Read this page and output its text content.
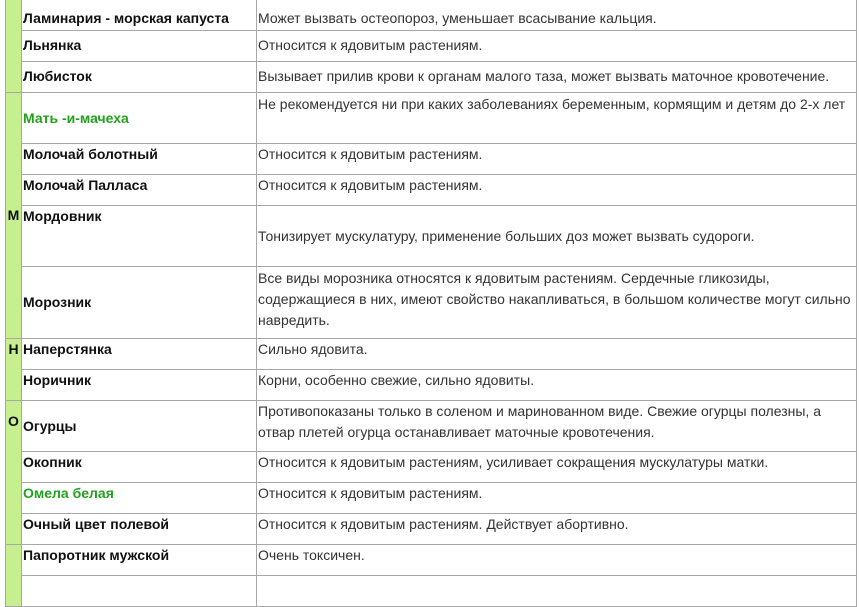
	Ламинария - морская капуста	Может вызвать остеопороз, уменьшает всасывание кальция.
	Льнянка	Относится к ядовитым растениям.
	Любисток	Вызывает прилив крови к органам малого таза, может вызвать маточное кровотечение.
М	Мать -и-мачеха	Не рекомендуется ни при каких заболеваниях беременным, кормящим и детям до 2-х лет
	Молочай болотный	Относится к ядовитым растениям.
	Молочай Палласа	Относится к ядовитым растениям.
	Мордовник	Тонизирует мускулатуру, применение больших доз может вызвать судороги.
	Морозник	Все виды морозника относятся к ядовитым растениям. Сердечные гликозиды, содержащиеся в них, имеют свойство накапливаться, в большом количестве могут сильно навредить.
Н	Наперстянка	Сильно ядовита.
	Норичник	Корни, особенно свежие, сильно ядовиты.
О	Огурцы	Противопоказаны только в соленом и маринованном виде. Свежие огурцы полезны, а отвар плетей огурца останавливает маточные кровотечения.
	Окопник	Относится к ядовитым растениям, усиливает сокращения мускулатуры матки.
	Омела белая	Относится к ядовитым растениям.
	Очный цвет полевой	Относится к ядовитым растениям. Действует абортивно.
	Папоротник мужской	Очень токсичен.
